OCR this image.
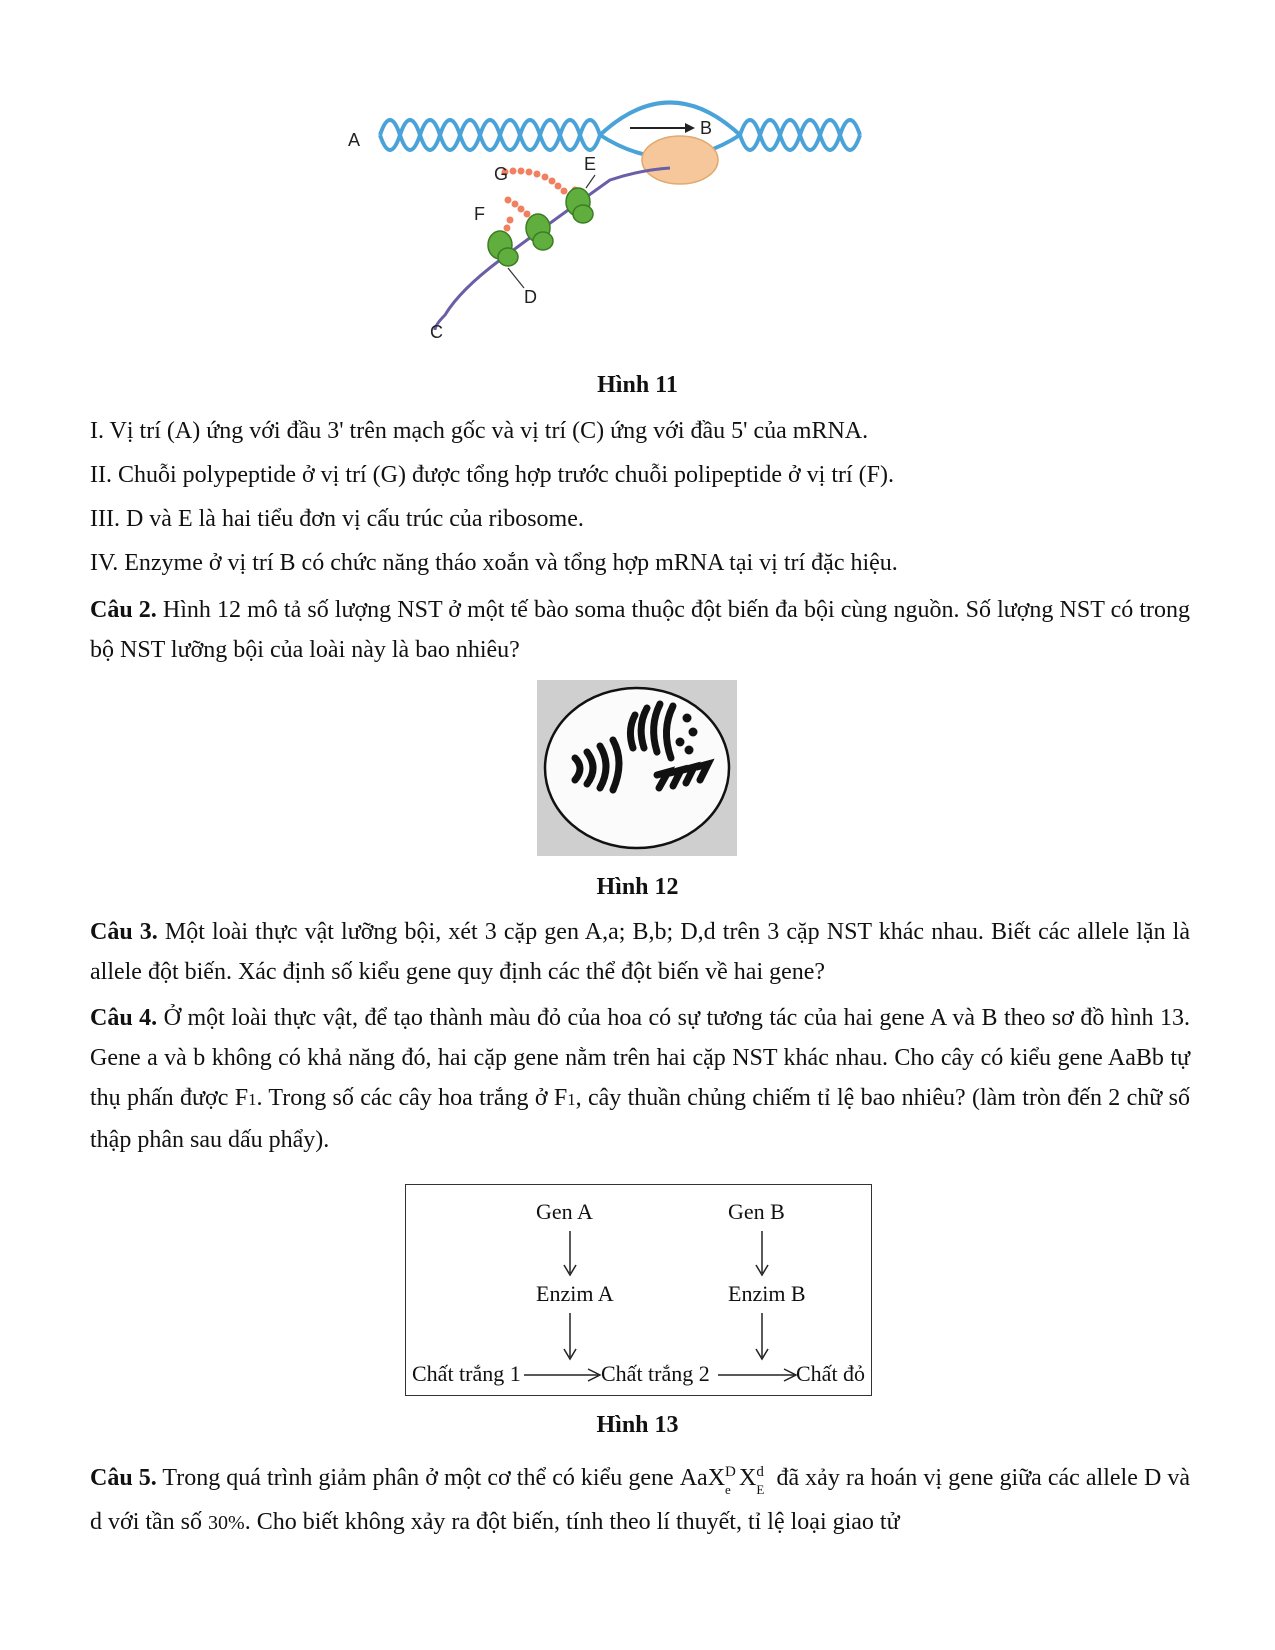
A
B
C
D
E
F
G
Hình 11
I. Vị trí (A) ứng với đầu 3' trên mạch gốc và vị trí (C) ứng với đầu 5' của mRNA.
II. Chuỗi polypeptide ở vị trí (G) được tổng hợp trước chuỗi polipeptide ở vị trí (F).
III. D và E là hai tiểu đơn vị cấu trúc của ribosome.
IV. Enzyme ở vị trí B có chức năng tháo xoắn và tổng hợp mRNA tại vị trí đặc hiệu.
Câu 2. Hình 12 mô tả số lượng NST ở một tế bào soma thuộc đột biến đa bội cùng nguồn. Số lượng NST có trong bộ NST lưỡng bội của loài này là bao nhiêu?
Hình 12
Câu 3. Một loài thực vật lưỡng bội, xét 3 cặp gen A,a; B,b; D,d trên 3 cặp NST khác nhau. Biết các allele lặn là allele đột biến. Xác định số kiểu gene quy định các thể đột biến về hai gene?
Câu 4. Ở một loài thực vật, để tạo thành màu đỏ của hoa có sự tương tác của hai gene A và B theo sơ đồ hình 13. Gene a và b không có khả năng đó, hai cặp gene nằm trên hai cặp NST khác nhau. Cho cây có kiểu gene AaBb tự thụ phấn được F1. Trong số các cây hoa trắng ở F1, cây thuần chủng chiếm tỉ lệ bao nhiêu? (làm tròn đến 2 chữ số thập phân sau dấu phẩy).
Gen A	Gen B
Enzim A	Enzim B
Chất trắng 1	Chất trắng 2	Chất đỏ
Hình 13
Câu 5. Trong quá trình giảm phân ở một cơ thể có kiểu gene AaX D
e X d
E đã xảy ra hoán vị gene giữa các allele D và d với tần số 30%. Cho biết không xảy ra đột biến, tính theo lí thuyết, tỉ lệ loại giao tử
